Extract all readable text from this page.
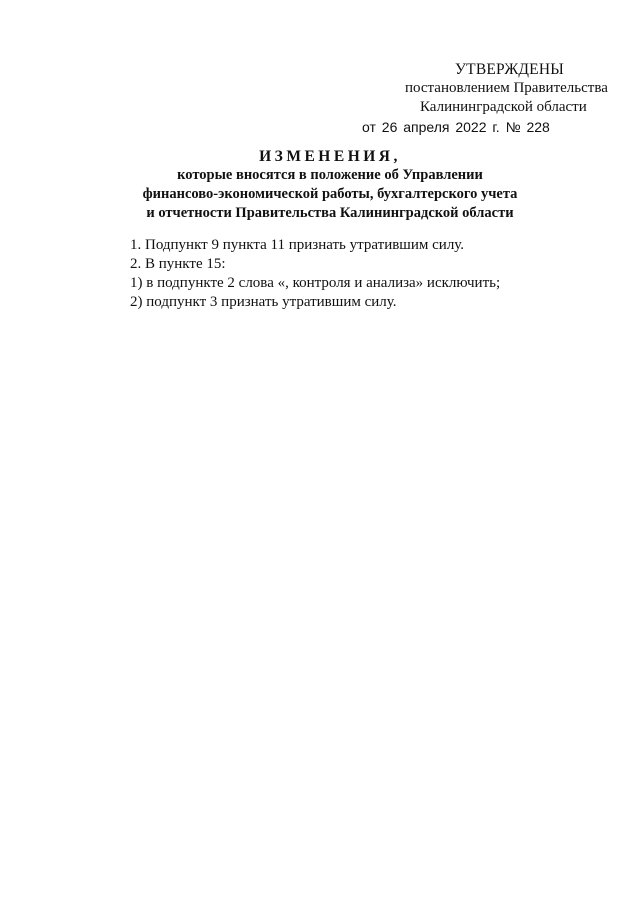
УТВЕРЖДЕНЫ
постановлением Правительства
Калининградской области
от 26 апреля 2022 г. № 228
ИЗМЕНЕНИЯ,
которые вносятся в положение об Управлении
финансово-экономической работы, бухгалтерского учета
и отчетности Правительства Калининградской области
1. Подпункт 9 пункта 11 признать утратившим силу.
2. В пункте 15:
1) в подпункте 2 слова «, контроля и анализа» исключить;
2) подпункт 3 признать утратившим силу.
